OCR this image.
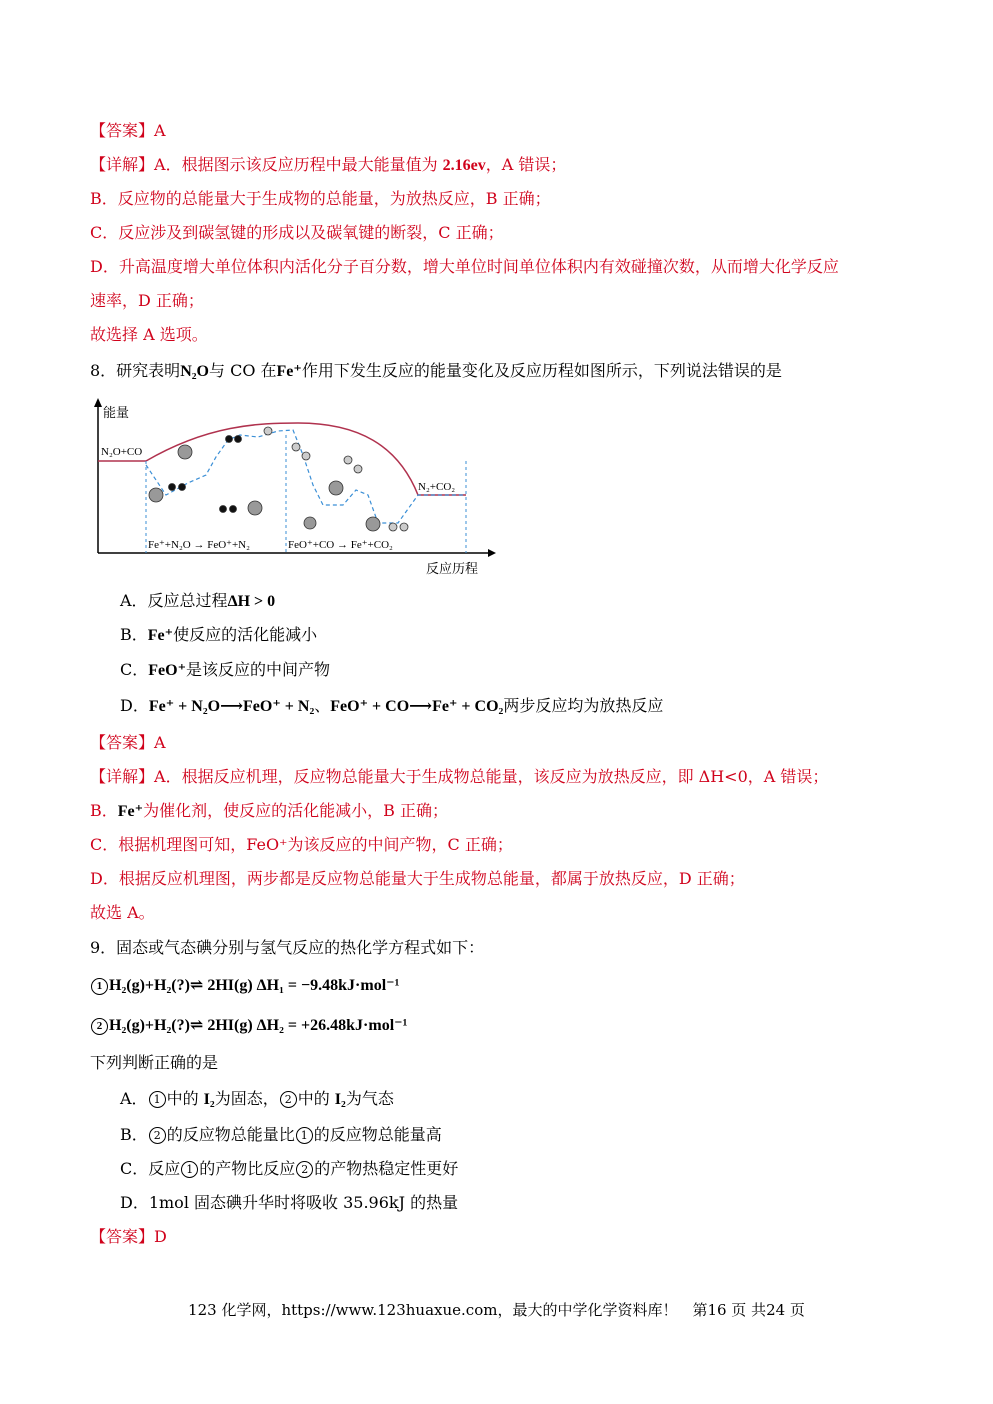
【答案】A
【详解】A．根据图示该反应历程中最大能量值为 2.16ev，A 错误；
B．反应物的总能量大于生成物的总能量，为放热反应，B 正确；
C．反应涉及到碳氢键的形成以及碳氧键的断裂，C 正确；
D．升高温度增大单位体积内活化分子百分数，增大单位时间单位体积内有效碰撞次数，从而增大化学反应
速率，D 正确；
故选择 A 选项。
8．研究表明N₂O与 CO 在Fe⁺作用下发生反应的能量变化及反应历程如图所示，下列说法错误的是
能量
反应历程
N₂O+CO
N₂+CO₂
Fe⁺+N₂O → FeO⁺+N₂	FeO⁺+CO → Fe⁺+CO₂
A．反应总过程ΔH > 0
B．Fe⁺使反应的活化能减小
C．FeO⁺是该反应的中间产物
D．Fe⁺ + N₂O⟶FeO⁺ + N₂、FeO⁺ + CO⟶Fe⁺ + CO₂两步反应均为放热反应
【答案】A
【详解】A．根据反应机理，反应物总能量大于生成物总能量，该反应为放热反应，即 ΔH<0，A 错误；
B．Fe⁺为催化剂，使反应的活化能减小，B 正确；
C．根据机理图可知，FeO⁺为该反应的中间产物，C 正确；
D．根据反应机理图，两步都是反应物总能量大于生成物总能量，都属于放热反应，D 正确；
故选 A。
9．固态或气态碘分别与氢气反应的热化学方程式如下：
1 H₂(g)+H₂(?)⇌ 2HI(g) ΔH₁ = −9.48kJ·mol⁻¹
2 H₂(g)+H₂(?)⇌ 2HI(g) ΔH₂ = +26.48kJ·mol⁻¹
下列判断正确的是
A． 1 中的 I₂为固态， 2 中的 I₂为气态
B． 2 的反应物总能量比 1 的反应物总能量高
C．反应 1 的产物比反应 2 的产物热稳定性更好
D．1mol 固态碘升华时将吸收 35.96kJ 的热量
【答案】D
123 化学网，https://www.123huaxue.com，最大的中学化学资料库！　第16 页 共24 页
